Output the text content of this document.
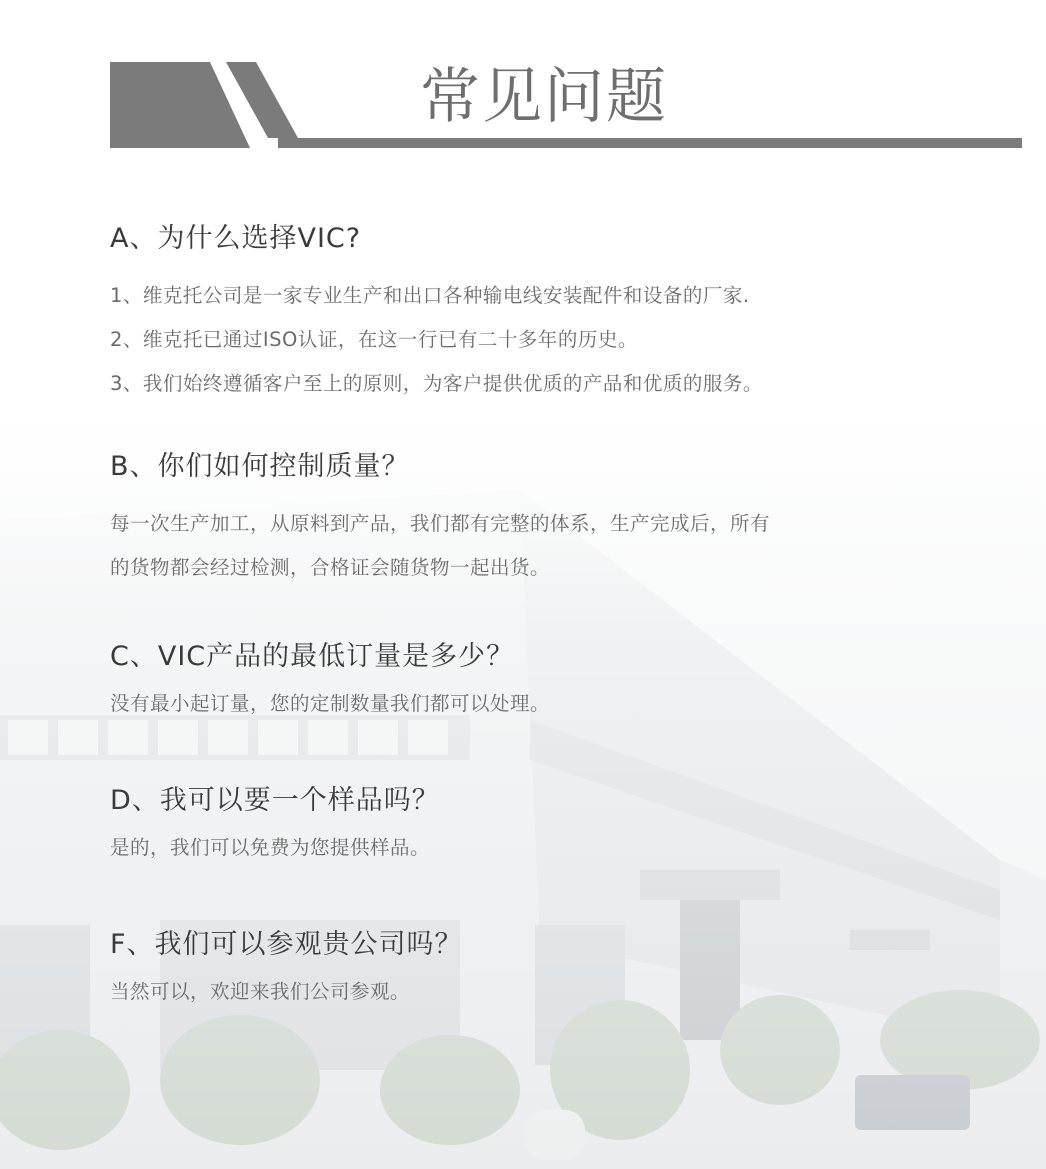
常见问题
A、为什么选择VIC?
1、维克托公司是一家专业生产和出口各种输电线安装配件和设备的厂家.
2、维克托已通过ISO认证，在这一行已有二十多年的历史。
3、我们始终遵循客户至上的原则，为客户提供优质的产品和优质的服务。
B、你们如何控制质量？
每一次生产加工，从原料到产品，我们都有完整的体系，生产完成后，所有
的货物都会经过检测，合格证会随货物一起出货。
C、VIC产品的最低订量是多少？
没有最小起订量，您的定制数量我们都可以处理。
D、我可以要一个样品吗？
是的，我们可以免费为您提供样品。
F、我们可以参观贵公司吗？
当然可以，欢迎来我们公司参观。
